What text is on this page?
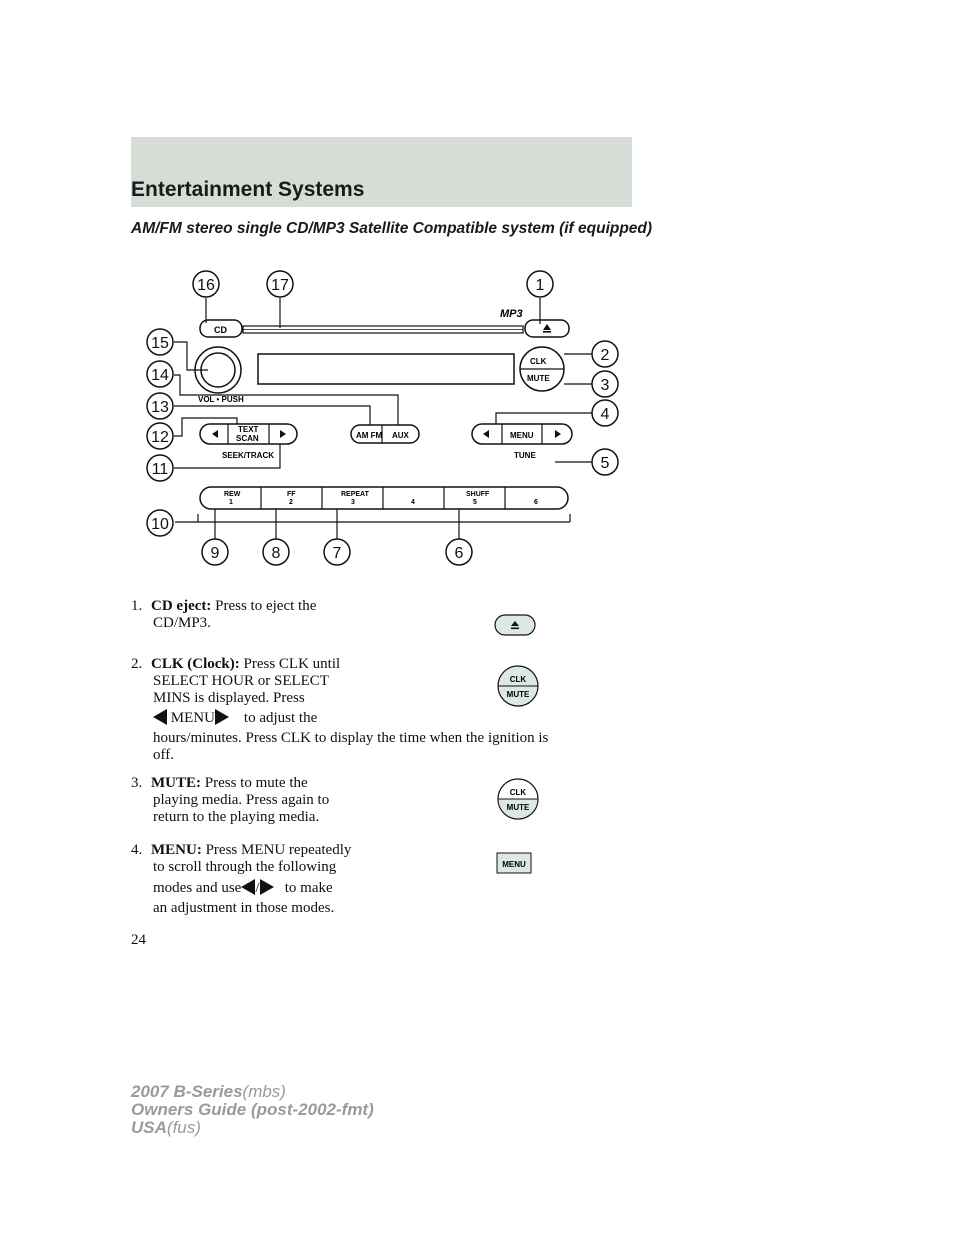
Entertainment Systems
AM/FM stereo single CD/MP3 Satellite Compatible system (if equipped)
MP3
CD
VOL • PUSH
CLK
MUTE
TEXT
SCAN
SEEK/TRACK
AM FM AUX	MENU
TUNE
REW
1
FF
2
REPEAT
3	4
SHUFF
5	6
16	17	1
15
2
14
3
13	4
12
11	5
10
9	8	7	6
1. CD eject: Press to eject the
CD/MP3.
2. CLK (Clock): Press CLK until
SELECT HOUR or SELECT
MINS is displayed. Press
MENU to adjust the
hours/minutes. Press CLK to display the time when the ignition is
off.
CLK
MUTE
3. MUTE: Press to mute the
playing media. Press again to
return to the playing media.
CLK
MUTE
4. MENU: Press MENU repeatedly
to scroll through the following
modes and use / to make
an adjustment in those modes.
MENU
24
2007 B-Series(mbs)
Owners Guide (post-2002-fmt)
USA(fus)
